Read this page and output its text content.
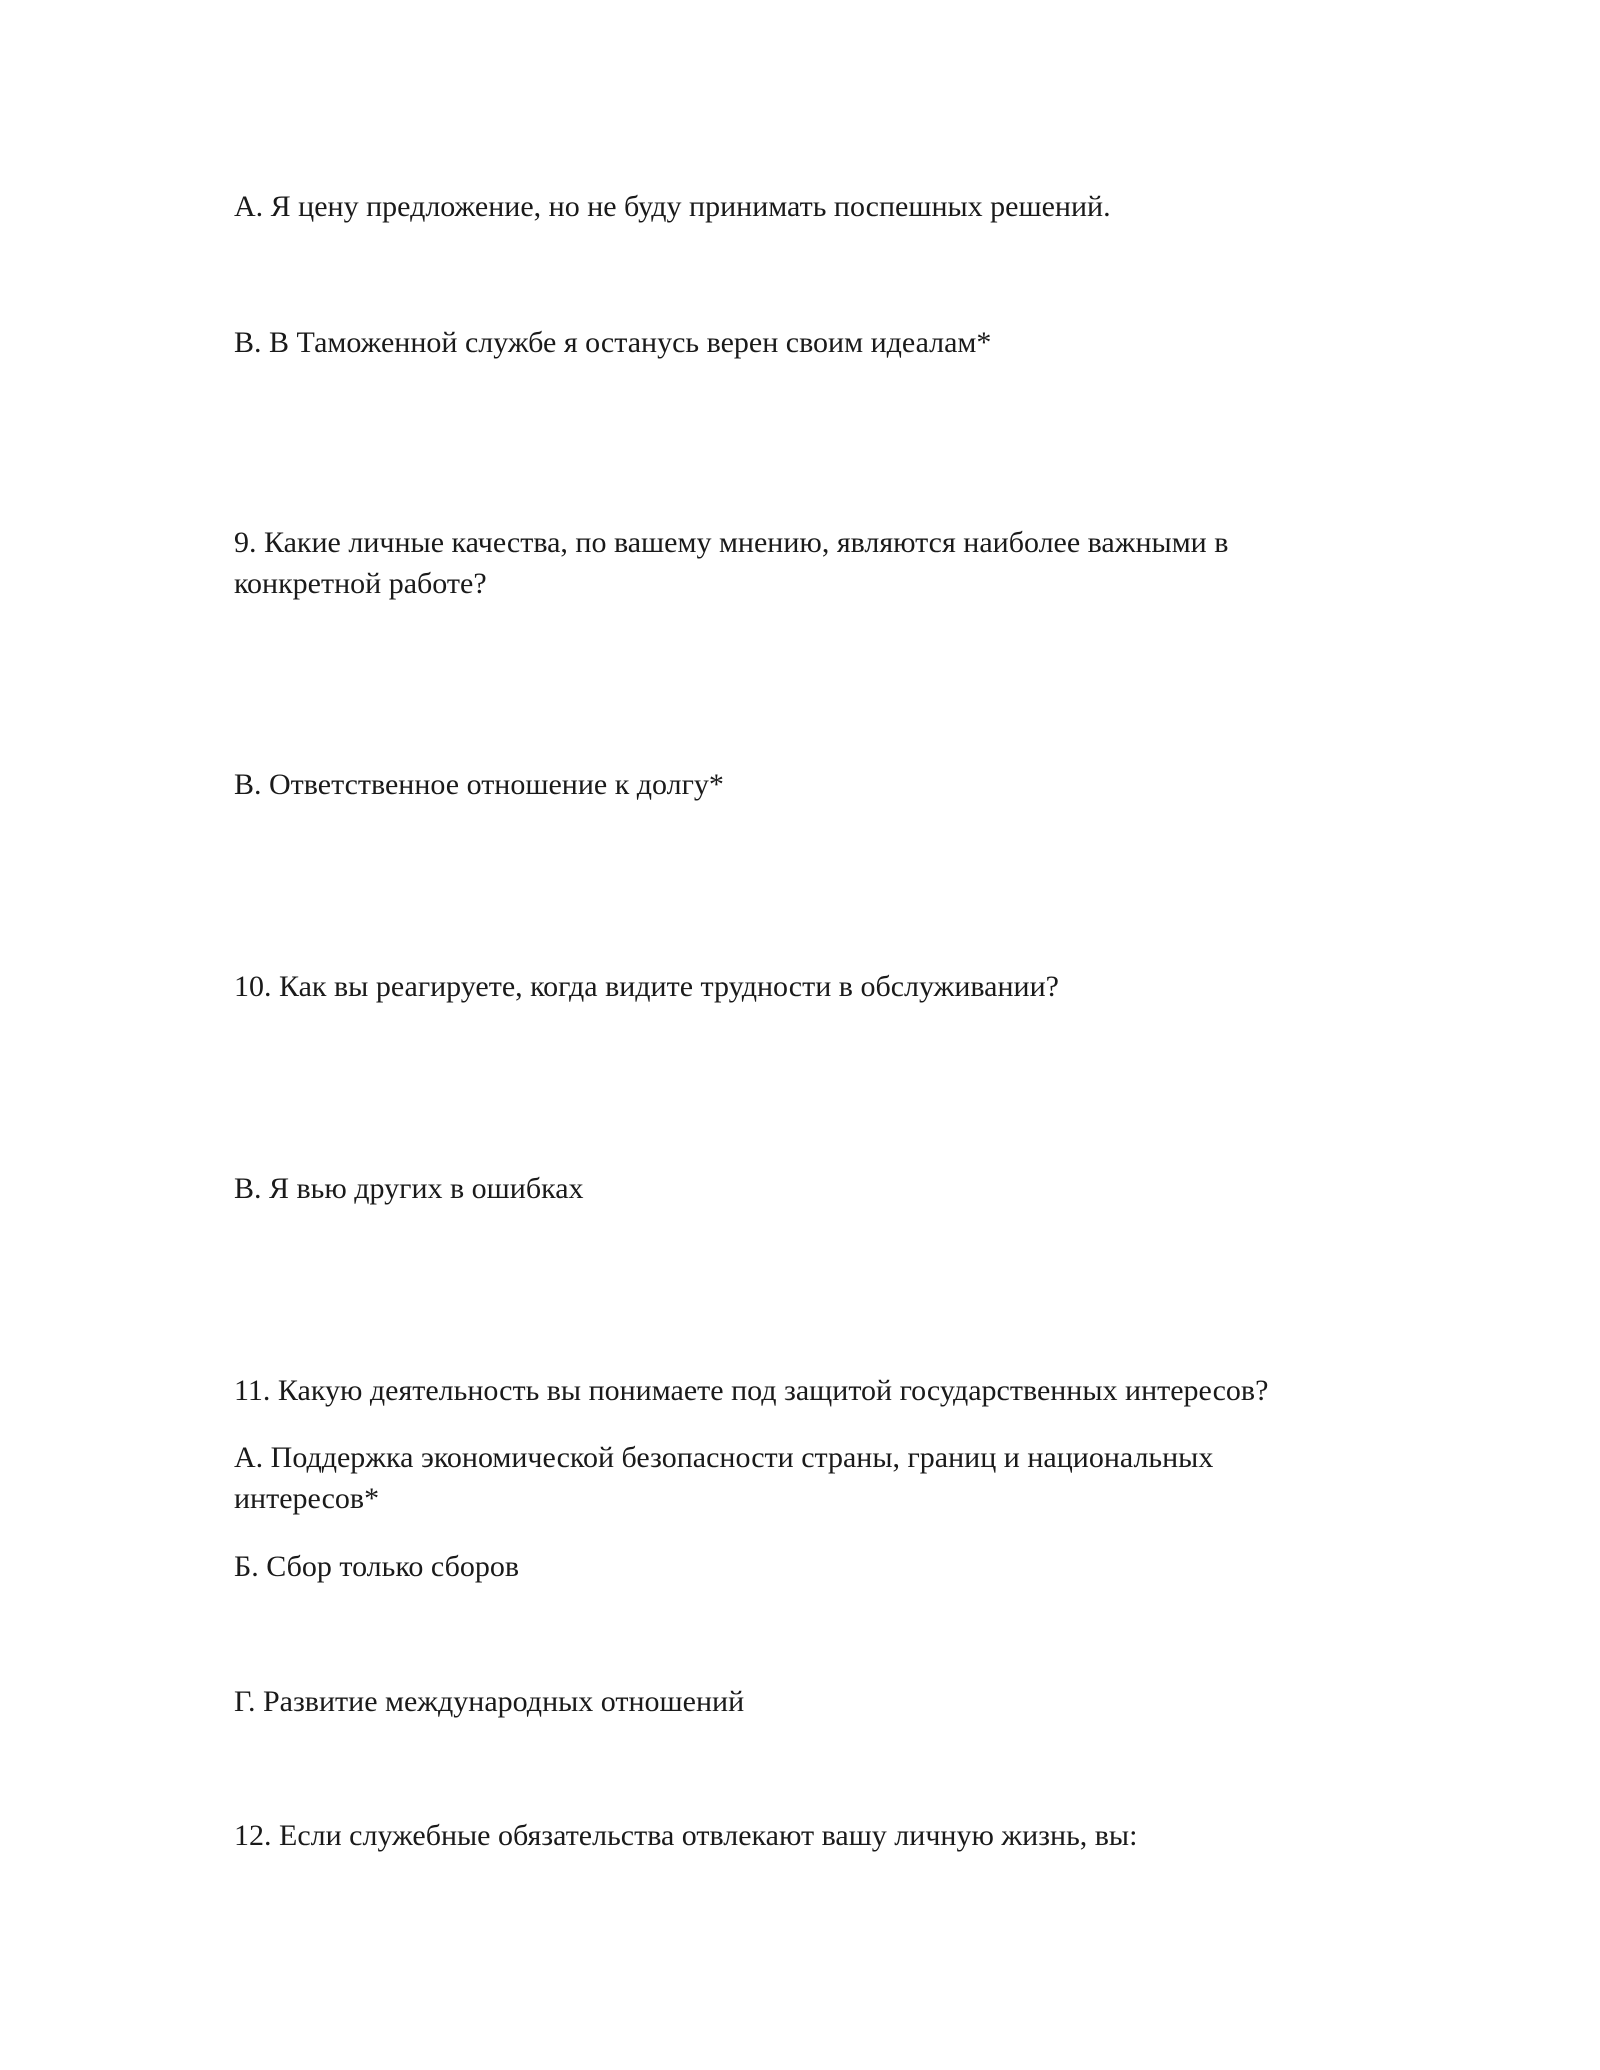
А. Я цену предложение, но не буду принимать поспешных решений.

В. В Таможенной службе я останусь верен своим идеалам*

9. Какие личные качества, по вашему мнению, являются наиболее важными в конкретной работе?

В. Ответственное отношение к долгу*

10. Как вы реагируете, когда видите трудности в обслуживании?

В. Я вью других в ошибках

11. Какую деятельность вы понимаете под защитой государственных интересов?

А. Поддержка экономической безопасности страны, границ и национальных интересов*

Б. Сбор только сборов

Г. Развитие международных отношений

12. Если служебные обязательства отвлекают вашу личную жизнь, вы:
